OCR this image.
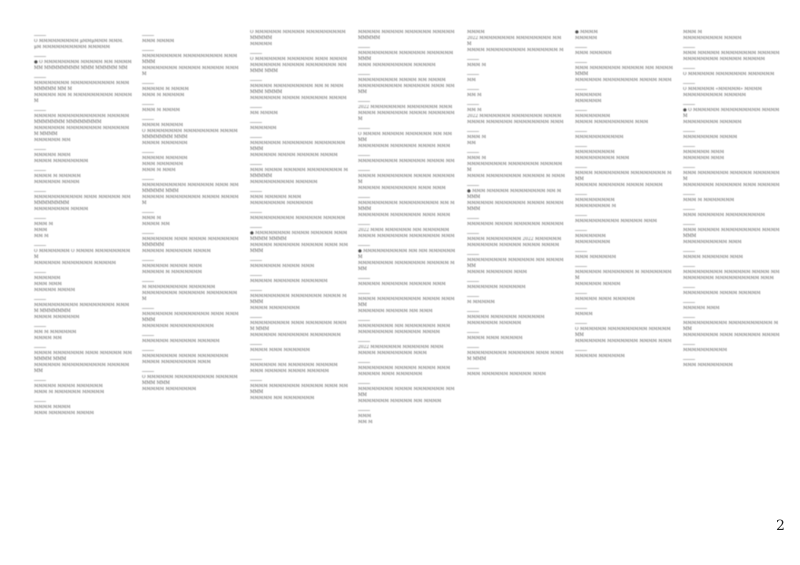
O ΜΜΜΜΜΜΜΜΜ μΜΜμΜΜΜ ΜΜΜ.
μΜ ΜΜΜΜΜΜΜΜΜΜ ΜΜΜΜΜ
● Ο ΜΜΜΜΜΜΜΜ ΜΜΜΜΜ ΜΜ ΜΜΜΜΜΜ ΜΜΜΜΜΜΜΜ ΜΜΜ ΜΜΜΜΜ ΜΜ
ΜΜΜΜΜΜΜΜ ΜΜΜΜΜΜΜΜΜΜ ΜΜΜ ΜΜΜΜΜ ΜΜ Μ
ΜΜΜΜΜ ΜΜ Μ ΜΜΜΜΜΜΜΜΜ ΜΜΜΜΜ
ΜΜΜΜΜ ΜΜΜΜΜΜΜΜΜΜΜ ΜΜΜΜΜ ΜΜΜΜΜΜΜ ΜΜΜΜΜΜΜΜ
ΜΜΜΜΜΜΜ ΜΜΜΜΜΜΜΜ ΜΜΜΜΜΜΜ ΜΜΜΜ
ΜΜΜΜΜΜ ΜΜ
ΜΜΜΜΜ ΜΜΜ
ΜΜΜΜ ΜΜΜΜΜΜΜΜ
ΜΜΜΜ Μ ΜΜΜΜΜ
ΜΜΜΜΜΜ ΜΜΜΜ
ΜΜΜΜΜΜΜΜΜΜΜ ΜΜΜ ΜΜΜΜΜ ΜΜ ΜΜΜΜΜΜΜΜ
ΜΜΜΜΜΜΜΜ ΜΜΜΜ
ΜΜΜ Μ
ΜΜΜ
ΜΜ Μ
Ο ΜΜΜΜΜΜΜ Ο ΜΜΜΜ ΜΜΜΜΜΜΜΜΜ
ΜΜΜΜΜΜ ΜΜΜΜΜΜΜ ΜΜΜΜΜ
ΜΜΜΜΜΜ
ΜΜΜ ΜΜΜ
ΜΜΜΜΜ ΜΜΜΜ
ΜΜΜΜΜΜΜΜΜΜ ΜΜΜΜΜΜΜΜ ΜΜΜΜ ΜΜΜΜΜΜΜ
ΜΜΜΜ ΜΜΜΜΜΜ
ΜΜ Μ ΜΜΜΜΜΜ
ΜΜΜΜ ΜΜ
ΜΜΜΜ ΜΜΜΜΜΜΜ ΜΜΜ ΜΜΜΜΜ ΜΜΜΜΜΜ ΜΜΜ
ΜΜΜΜΜΜ ΜΜΜΜΜΜΜΜΜΜ ΜΜΜΜΜΜΜ
ΜΜΜΜΜ ΜΜΜΜ ΜΜΜΜΜΜ
ΜΜΜ Μ ΜΜΜΜΜΜ ΜΜΜΜΜ
ΜΜΜΜ ΜΜΜΜ
ΜΜΜ ΜΜΜΜΜΜ ΜΜΜΜ
ΜΜΜ ΜΜΜΜ
ΜΜΜΜΜΜΜΜΜ ΜΜΜΜΜΜΜΜΜ ΜΜΜΜΜΜ
ΜΜΜΜΜΜΜΜ ΜΜΜΜΜ ΜΜΜΜΜ ΜΜΜΜ
ΜΜΜΜΜ Μ ΜΜΜΜ
ΜΜΜ Μ ΜΜΜΜΜ
ΜΜΜ Μ ΜΜΜΜ
ΜΜΜΜ ΜΜΜΜΜ
Ο ΜΜΜΜΜΜΜΜ ΜΜΜΜΜΜΜΜ ΜΜΜΜ ΜΜΜΜΜΜΜ ΜΜΜ
ΜΜΜΜ ΜΜΜΜΜΜ
ΜΜΜΜΜ ΜΜΜΜΜ
ΜΜΜ ΜΜΜΜΜΜ
ΜΜΜ Μ ΜΜΜ
ΜΜΜΜΜΜΜΜΜΜ ΜΜΜΜΜΜ ΜΜΜ ΜΜΜΜΜΜΜ ΜΜΜ
ΜΜΜΜΜ ΜΜΜΜΜΜΜΜ ΜΜΜΜ ΜΜΜΜΜ
ΜΜΜ Μ
ΜΜΜΜ ΜΜ
ΜΜΜΜΜΜΜ ΜΜΜ ΜΜΜΜ ΜΜΜΜΜΜΜ ΜΜΜΜΜ
ΜΜΜΜΜ ΜΜΜΜΜΜ ΜΜΜΜ
ΜΜΜΜΜΜ ΜΜΜΜ ΜΜΜ
ΜΜΜΜΜ Μ ΜΜΜΜΜΜΜ
Μ ΜΜΜΜΜΜΜΜΜ ΜΜΜΜΜΜ
ΜΜΜΜΜΜΜΜ ΜΜΜΜΜΜ ΜΜΜΜΜΜΜΜ
ΜΜΜΜΜΜΜ ΜΜΜΜΜΜΜΜ ΜΜΜ ΜΜΜΜΜΜ
ΜΜΜΜΜΜ ΜΜΜΜΜΜΜΜΜΜ
ΜΜΜΜΜΜ ΜΜΜΜΜΜ ΜΜΜΜΜ
ΜΜΜΜΜΜΜΜ ΜΜΜΜ ΜΜΜΜΜΜΜ
ΜΜΜΜ ΜΜΜΜΜΜΜΜ ΜΜΜ
Ο ΜΜΜΜΜΜ ΜΜΜΜΜΜΜΜΜ ΜΜΜΜΜΜΜΜ ΜΜΜ
ΜΜΜΜΜ ΜΜΜΜΜΜΜ
Ο ΜΜΜΜΜΜ ΜΜΜΜΜ ΜΜΜΜΜΜΜΜΜ ΜΜΜΜΜ
ΜΜΜΜΜ
Ο ΜΜΜΜΜΜΜ ΜΜΜΜΜΜ ΜΜΜ ΜΜΜΜ
ΜΜΜΜΜΜΜ ΜΜΜΜΜ ΜΜΜΜΜΜΜ ΜΜΜΜΜ ΜΜΜ
ΜΜΜΜΜ ΜΜΜΜΜΜΜΜΜ ΜΜ Μ ΜΜΜ ΜΜΜ ΜΜΜΜ
ΜΜΜΜΜΜΜ ΜΜΜΜ ΜΜΜΜΜΜ ΜΜΜΜ
ΜΜ ΜΜΜΜ
ΜΜΜΜΜΜ
ΜΜΜΜΜΜΜ ΜΜΜΜΜΜΜ ΜΜΜΜΜΜΜ ΜΜΜ
ΜΜΜΜΜΜ ΜΜΜΜ ΜΜΜΜΜ ΜΜΜΜ
ΜΜΜ ΜΜΜΜ ΜΜΜΜΜ ΜΜΜΜΜΜΜΜ ΜΜΜΜΜΜ
ΜΜΜΜΜΜΜΜΜΜ ΜΜΜΜΜ
ΜΜΜ ΜΜΜΜΜ ΜΜΜ
ΜΜΜΜΜΜΜΜ ΜΜΜΜΜΜ
ΜΜΜΜΜΜΜΜΜΜ ΜΜΜΜΜΜ ΜΜΜΜΜ
● ΜΜΜΜΜΜΜΜ ΜΜΜΜ ΜΜΜΜΜ ΜΜΜΜΜΜΜ ΜΜΜΜ
ΜΜΜΜΜ ΜΜΜΜΜΜ ΜΜΜΜΜ ΜΜΜ ΜΜΜΜΜ
ΜΜΜΜΜΜΜ ΜΜΜΜ ΜΜΜ
ΜΜΜΜΜ ΜΜΜΜΜΜ ΜΜΜΜΜΜ
ΜΜΜΜΜΜΜΜΜ ΜΜΜΜΜΜΜ ΜΜΜΜ ΜΜΜΜ
ΜΜΜΜ ΜΜΜΜΜΜΜ
ΜΜΜΜΜΜΜΜΜ ΜΜΜ ΜΜΜΜΜΜ ΜΜΜΜ ΜΜΜ
ΜΜΜΜΜΜ ΜΜΜΜΜΜΜ ΜΜΜΜΜΜΜ
ΜΜΜΜ ΜΜΜ ΜΜΜΜΜΜ
ΜΜΜΜΜΜ ΜΜ ΜΜΜΜΜΜ ΜΜΜΜΜ
ΜΜΜ ΜΜΜΜΜ ΜΜΜΜ ΜΜΜΜΜ
ΜΜΜΜ ΜΜΜΜΜΜΜ ΜΜΜΜΜ ΜΜΜ ΜΜΜΜΜ
ΜΜΜΜΜ ΜΜ ΜΜΜΜΜΜΜ
ΜΜΜΜΜ ΜΜΜΜΜ ΜΜΜΜΜΜ ΜΜΜΜΜ ΜΜΜΜΜ
ΜΜΜΜΜΜΜΜΜ ΜΜΜΜΜΜ ΜΜΜΜΜΜ ΜΜΜ
ΜΜΜ ΜΜΜΜΜΜΜΜΜ ΜΜΜΜΜ
ΜΜΜΜΜΜΜΜΜ ΜΜΜΜ ΜΜ ΜΜΜΜ
ΜΜΜΜΜΜΜΜΜΜ ΜΜΜΜΜΜ ΜΜΜ ΜΜΜΜ
2022 ΜΜΜΜΜΜΜΜ ΜΜΜΜΜΜΜ ΜΜΜ
ΜΜΜΜ ΜΜΜΜΜΜΜ ΜΜΜΜ ΜΜΜΜΜΜΜ
Ο ΜΜΜΜ ΜΜΜΜΜ ΜΜΜΜΜΜ ΜΜ ΜΜΜΜ
ΜΜΜΜΜΜΜ ΜΜΜΜΜΜ ΜΜΜΜ ΜΜΜ
ΜΜΜΜΜΜΜΜΜ ΜΜΜΜΜΜ ΜΜΜΜ ΜΜ
ΜΜΜΜ ΜΜΜΜΜΜΜΜ ΜΜΜΜ ΜΜΜΜΜΜ
ΜΜΜΜΜ ΜΜΜΜΜΜΜΜ ΜΜΜ ΜΜΜ
ΜΜΜΜΜΜΜΜΜ ΜΜΜΜΜΜΜΜΜ ΜΜ ΜΜΜΜ
ΜΜΜΜΜΜΜ ΜΜΜΜΜΜΜ ΜΜΜ ΜΜΜ
2022 ΜΜΜ ΜΜΜΜΜΜ ΜΜ ΜΜΜΜΜΜ
ΜΜΜΜ ΜΜΜΜΜΜΜ ΜΜΜΜΜΜΜ ΜΜΜ
● ΜΜΜΜΜΜΜΜΜΜ ΜΜ ΜΜ ΜΜΜΜΜΜΜ
ΜΜΜΜΜΜΜΜ ΜΜΜΜΜΜΜ ΜΜΜΜΜ ΜΜΜ
ΜΜΜΜΜ ΜΜΜΜΜΜ ΜΜΜΜΜ ΜΜΜ
ΜΜΜΜ ΜΜΜΜΜΜΜΜΜΜ ΜΜΜΜ ΜΜΜΜΜ
ΜΜΜΜΜΜ ΜΜΜΜΜ ΜΜ ΜΜΜ
ΜΜΜΜΜΜΜΜ ΜΜ ΜΜΜΜΜΜΜ ΜΜΜ
ΜΜΜΜΜΜΜΜ ΜΜΜΜΜΜ ΜΜΜΜ
2022 ΜΜΜΜΜΜΜ ΜΜΜΜΜΜ ΜΜΜ
ΜΜΜΜ ΜΜΜΜΜΜΜΜ ΜΜΜ
ΜΜΜΜΜΜΜΜ ΜΜΜΜΜ ΜΜΜΜ ΜΜΜ
ΜΜΜΜΜ ΜΜΜ ΜΜΜΜΜΜ
ΜΜΜΜΜΜΜΜ ΜΜΜΜ ΜΜΜΜΜΜΜ ΜΜΜΜ
ΜΜΜΜΜΜΜ ΜΜΜΜΜ ΜΜ ΜΜΜΜ
ΜΜΜ
ΜΜ Μ
ΜΜΜΜ
2022 ΜΜΜΜΜΜΜΜ ΜΜΜΜΜΜΜΜ ΜΜΜ
ΜΜΜΜ ΜΜΜΜΜΜΜΜΜ ΜΜΜΜΜΜΜ Μ
ΜΜΜ Μ
ΜΜ
ΜΜ Μ
ΜΜ Μ
2022 ΜΜΜΜΜΜΜ ΜΜΜΜΜΜΜ ΜΜΜΜ
ΜΜΜΜ ΜΜΜΜΜΜ ΜΜΜΜΜΜΜΜ ΜΜΜ
ΜΜΜ Μ
ΜΜ
ΜΜΜ Μ
ΜΜΜΜΜΜΜΜΜ ΜΜΜΜΜΜΜ ΜΜΜΜΜΜ
ΜΜΜΜ ΜΜΜΜΜΜΜΜ ΜΜΜΜΜ Μ ΜΜΜ
● ΜΜΜ ΜΜΜΜΜ ΜΜΜΜΜΜΜΜ ΜΜ ΜΜΜΜ
ΜΜΜΜΜΜ ΜΜΜΜΜΜΜ ΜΜΜΜ ΜΜΜΜΜΜΜ
ΜΜΜΜΜΜ ΜΜΜΜ ΜΜΜΜΜΜ ΜΜΜΜΜ
ΜΜΜΜ ΜΜΜΜΜΜΜΜ 2022 ΜΜΜΜΜΜ
ΜΜΜΜΜΜΜ ΜΜΜΜΜ ΜΜΜΜ ΜΜΜΜ
ΜΜΜΜΜΜΜΜΜ ΜΜΜΜΜΜ ΜΜ ΜΜΜΜΜΜ
ΜΜΜΜ ΜΜΜΜΜΜ ΜΜΜ
ΜΜΜΜΜΜΜ ΜΜΜΜΜΜ
Μ ΜΜΜΜΜ
ΜΜΜΜΜ ΜΜΜΜΜΜ ΜΜΜΜΜΜ
ΜΜΜΜΜΜΜ ΜΜΜΜΜ
ΜΜΜΜ ΜΜΜ ΜΜΜΜΜ
ΜΜΜΜΜΜΜΜΜ ΜΜΜΜΜΜ ΜΜΜ ΜΜΜΜ ΜΜΜ
ΜΜΜ ΜΜΜΜΜΜ ΜΜΜΜΜ ΜΜΜ
● ΜΜΜΜ
ΜΜΜΜΜ
ΜΜΜ ΜΜΜΜΜ
ΜΜΜ ΜΜΜΜΜΜΜ ΜΜΜΜΜ ΜΜ ΜΜΜΜΜΜΜ
ΜΜΜΜΜΜ ΜΜΜΜΜΜΜΜ ΜΜΜΜ ΜΜΜ
ΜΜΜΜΜΜ
ΜΜΜΜΜΜ
ΜΜΜΜΜΜΜΜ
ΜΜΜΜ ΜΜΜΜΜΜΜΜΜ ΜΜΜ
ΜΜΜΜΜΜΜΜΜΜΜ
ΜΜΜΜΜΜΜΜΜ
ΜΜΜΜΜΜΜΜΜ ΜΜΜ
ΜΜΜΜ ΜΜΜΜΜΜΜΜ ΜΜΜΜΜΜΜΜ ΜΜΜ
ΜΜΜΜΜ ΜΜΜΜΜΜ ΜΜΜΜ ΜΜΜΜ
ΜΜΜΜΜΜΜΜΜ
ΜΜΜΜΜΜΜΜ Μ
ΜΜΜΜΜΜΜΜΜΜ ΜΜΜΜΜ ΜΜΜ
ΜΜΜΜΜΜΜ
ΜΜΜΜΜΜΜΜ
ΜΜΜ ΜΜΜΜΜΜ
ΜΜΜΜΜΜ ΜΜΜΜΜΜΜ Μ ΜΜΜΜΜΜΜΜ
ΜΜΜΜΜΜ ΜΜΜΜ
ΜΜΜΜΜ ΜΜΜ ΜΜΜΜΜ
ΜΜΜΜ
Ο ΜΜΜΜΜΜ ΜΜΜΜΜΜΜΜΜ ΜΜΜΜΜΜΜ
ΜΜΜΜΜΜΜ ΜΜΜΜΜΜΜ ΜΜΜΜ ΜΜΜ
ΜΜΜΜΜ ΜΜΜΜΜΜ
ΜΜΜ Μ
ΜΜΜΜΜΜΜΜΜ ΜΜΜΜ
ΜΜΜ ΜΜΜΜΜ ΜΜΜΜΜΜΜΜ ΜΜΜΜΜ
ΜΜΜΜΜΜΜΜ ΜΜΜΜΜ ΜΜΜΜΜ
Ο ΜΜΜΜΜΜ ΜΜΜΜΜΜΜ ΜΜΜΜΜΜ
Ο ΜΜΜΜΜΜ «ΜΜΜΜΜ» ΜΜΜΜ
ΜΜΜΜΜΜΜΜΜ ΜΜΜΜΜ
● Ο ΜΜΜΜΜΜ ΜΜΜΜΜΜΜΜΜ ΜΜΜΜΜ
ΜΜΜΜΜΜΜΜ ΜΜΜΜΜ
ΜΜΜΜΜΜΜΜ ΜΜΜΜ
ΜΜΜΜΜΜ ΜΜΜ
ΜΜΜΜΜΜ ΜΜΜ
ΜΜΜ ΜΜΜΜΜΜΜ ΜΜΜΜΜ ΜΜΜΜΜΜΜ
ΜΜΜΜΜΜΜ ΜΜΜΜΜΜ ΜΜΜ ΜΜΜΜΜ
ΜΜΜ Μ ΜΜΜΜΜΜΜ
ΜΜΜ ΜΜΜΜΜΜ ΜΜΜΜΜΜΜΜΜ
ΜΜΜ ΜΜΜΜΜ ΜΜΜΜΜΜΜΜΜ ΜΜΜΜΜΜΜ
ΜΜΜΜΜΜΜΜΜΜ ΜΜΜ
ΜΜΜΜ ΜΜΜΜΜΜ ΜΜΜ
ΜΜΜΜΜΜΜΜΜ ΜΜΜΜΜΜ ΜΜΜΜ ΜΜ
ΜΜΜΜΜΜΜ ΜΜΜΜΜΜΜΜΜΜ ΜΜΜ
ΜΜΜΜΜΜΜΜ ΜΜΜΜ ΜΜΜΜΜ
ΜΜΜΜΜ ΜΜΜ
ΜΜΜΜΜΜΜΜΜΜ ΜΜΜΜΜΜΜΜΜΜ ΜΜΜ
ΜΜΜΜΜΜΜΜ ΜΜΜ ΜΜΜΜΜΜ ΜΜΜΜ
ΜΜΜΜΜΜΜΜΜΜ
ΜΜΜ ΜΜΜΜΜΜΜΜ
2
